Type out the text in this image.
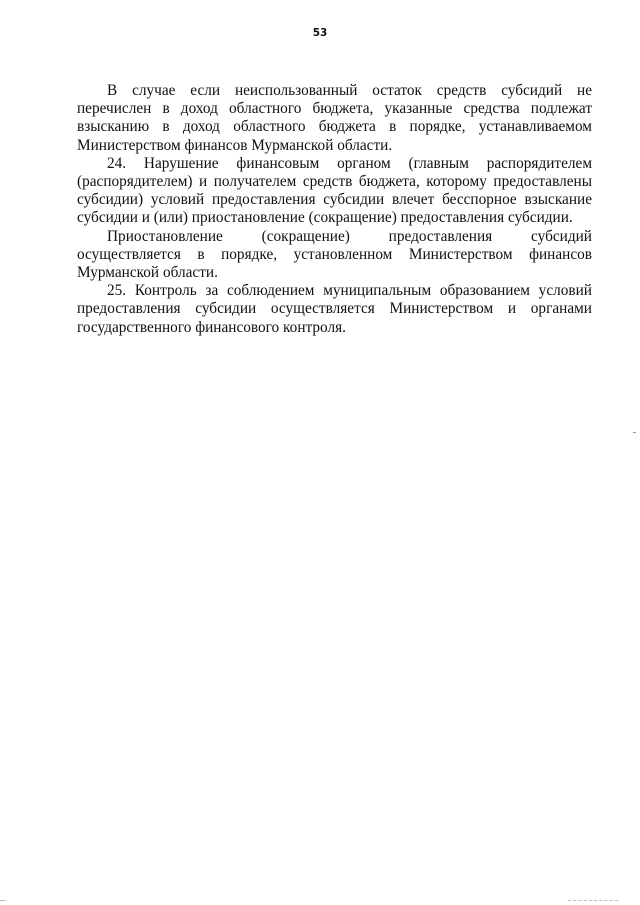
53

В случае если неиспользованный остаток средств субсидий не перечислен в доход областного бюджета, указанные средства подлежат взысканию в доход областного бюджета в порядке, устанавливаемом Министерством финансов Мурманской области.

24. Нарушение финансовым органом (главным распорядителем (распорядителем) и получателем средств бюджета, которому предоставлены субсидии) условий предоставления субсидии влечет бесспорное взыскание субсидии и (или) приостановление (сокращение) предоставления субсидии.

Приостановление (сокращение) предоставления субсидий осуществляется в порядке, установленном Министерством финансов Мурманской области.

25. Контроль за соблюдением муниципальным образованием условий предоставления субсидии осуществляется Министерством и органами государственного финансового контроля.
